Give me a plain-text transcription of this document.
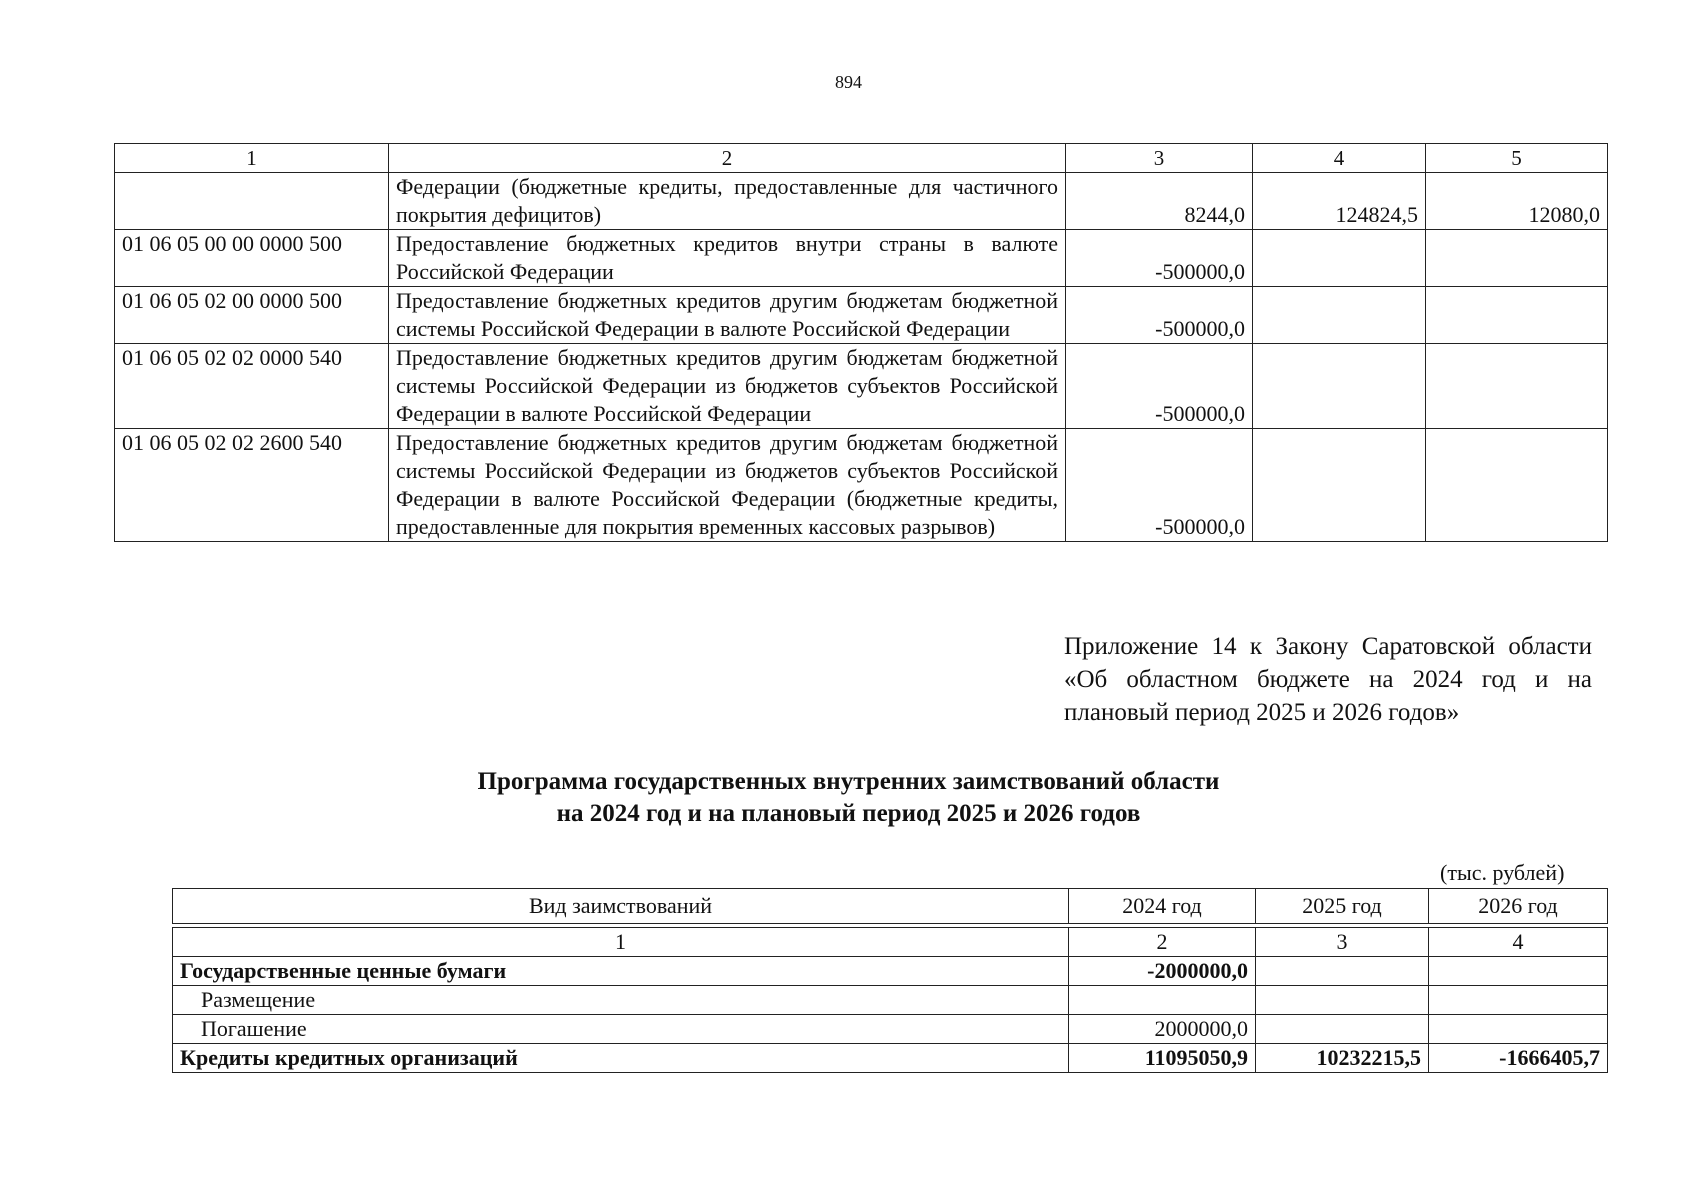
894
1	2	3	4	5
	Федерации (бюджетные кредиты, предоставленные для частичного покрытия дефицитов)	8244,0	124824,5	12080,0
01 06 05 00 00 0000 500	Предоставление бюджетных кредитов внутри страны в валюте Российской Федерации	-500000,0		
01 06 05 02 00 0000 500	Предоставление бюджетных кредитов другим бюджетам бюджетной системы Российской Федерации в валюте Российской Федерации	-500000,0		
01 06 05 02 02 0000 540	Предоставление бюджетных кредитов другим бюджетам бюджетной системы Российской Федерации из бюджетов субъектов Российской Федерации в валюте Российской Федерации	-500000,0		
01 06 05 02 02 2600 540	Предоставление бюджетных кредитов другим бюджетам бюджетной системы Российской Федерации из бюджетов субъектов Российской Федерации в валюте Российской Федерации (бюджетные кредиты, предоставленные для покрытия временных кассовых разрывов)	-500000,0		
Приложение 14 к Закону Саратовской области «Об областном бюджете на 2024 год и на плановый период 2025 и 2026 годов»
Программа государственных внутренних заимствований области
на 2024 год и на плановый период 2025 и 2026 годов
(тыс. рублей)
Вид заимствований	2024 год	2025 год	2026 год
1	2	3	4
Государственные ценные бумаги	-2000000,0		
Размещение			
Погашение	2000000,0		
Кредиты кредитных организаций	11095050,9	10232215,5	-1666405,7
